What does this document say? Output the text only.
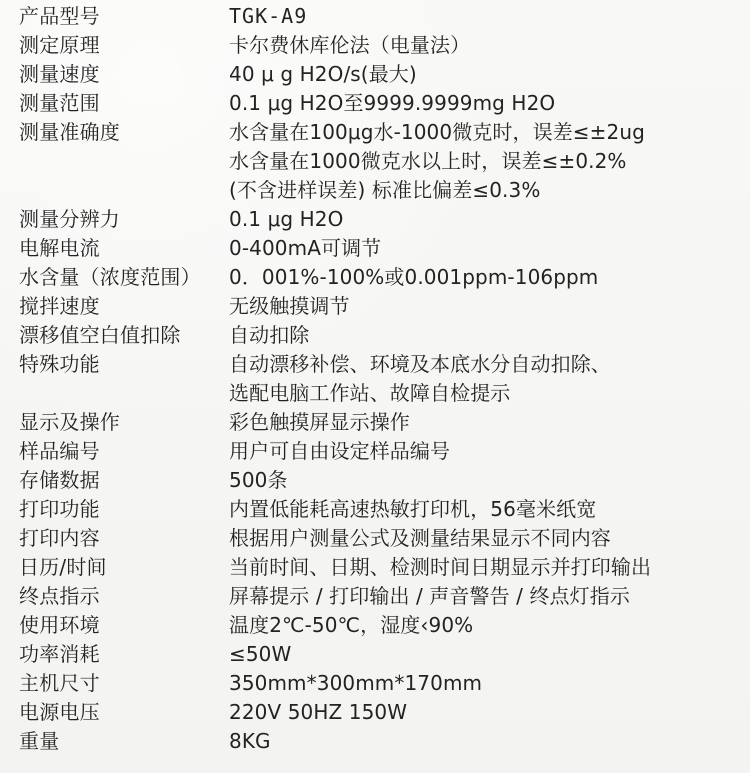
产品型号	TGK-A9
测定原理	卡尔费休库伦法（电量法）
测量速度	40 μ g H2O/s(最大)
测量范围	0.1 μg H2O至9999.9999mg H2O
测量准确度	水含量在100μg水-1000微克时，误差≤±2ug
水含量在1000微克水以上时，误差≤±0.2%
(不含进样误差) 标准比偏差≤0.3%
测量分辨力	0.1 μg H2O
电解电流	0-400mA可调节
水含量（浓度范围）	0．001%-100%或0.001ppm-106ppm
搅拌速度	无级触摸调节
漂移值空白值扣除	自动扣除
特殊功能	自动漂移补偿、环境及本底水分自动扣除、
选配电脑工作站、故障自检提示
显示及操作	彩色触摸屏显示操作
样品编号	用户可自由设定样品编号
存储数据	500条
打印功能	内置低能耗高速热敏打印机，56毫米纸宽
打印内容	根据用户测量公式及测量结果显示不同内容
日历/时间	当前时间、日期、检测时间日期显示并打印输出
终点指示	屏幕提示 / 打印输出 / 声音警告 / 终点灯指示
使用环境	温度2℃-50℃，湿度‹90%
功率消耗	≤50W
主机尺寸	350mm*300mm*170mm
电源电压	220V 50HZ 150W
重量	8KG
